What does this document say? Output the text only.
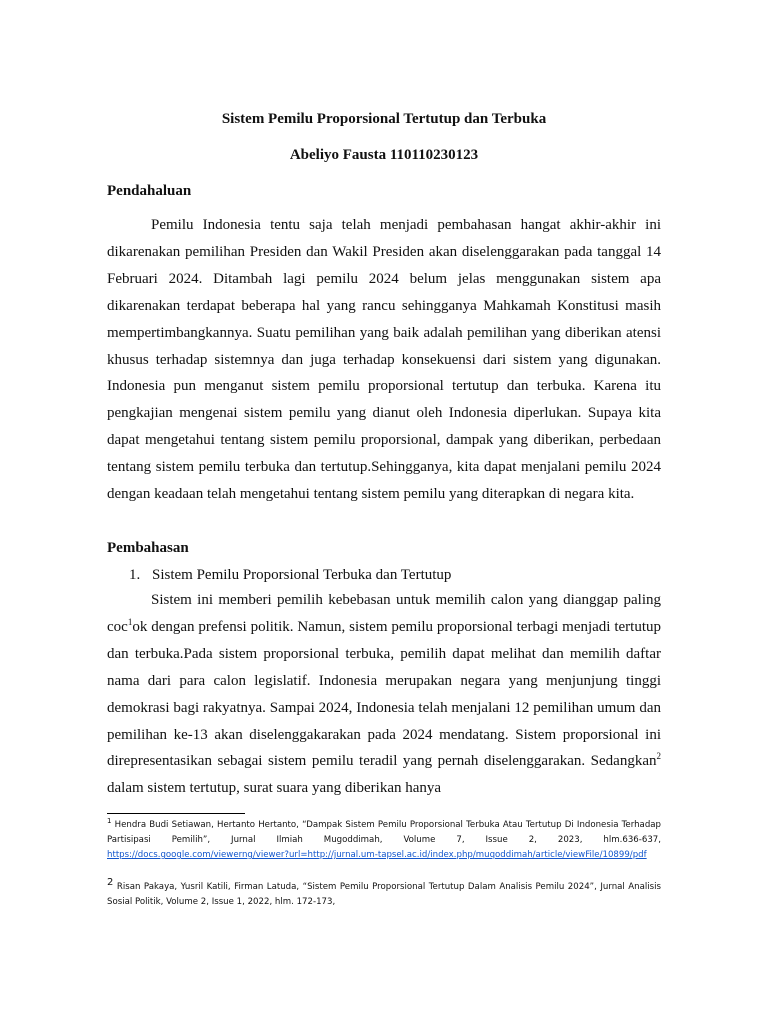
Sistem Pemilu Proporsional Tertutup dan Terbuka
Abeliyo Fausta 110110230123
Pendahaluan

Pemilu Indonesia tentu saja telah menjadi pembahasan hangat akhir-akhir ini dikarenakan pemilihan Presiden dan Wakil Presiden akan diselenggarakan pada tanggal 14 Februari 2024. Ditambah lagi pemilu 2024 belum jelas menggunakan sistem apa dikarenakan terdapat beberapa hal yang rancu sehingganya Mahkamah Konstitusi masih mempertimbangkannya. Suatu pemilihan yang baik adalah pemilihan yang diberikan atensi khusus terhadap sistemnya dan juga terhadap konsekuensi dari sistem yang digunakan. Indonesia pun menganut sistem pemilu proporsional tertutup dan terbuka. Karena itu pengkajian mengenai sistem pemilu yang dianut oleh Indonesia diperlukan. Supaya kita dapat mengetahui tentang sistem pemilu proporsional, dampak yang diberikan, perbedaan tentang sistem pemilu terbuka dan tertutup.Sehingganya, kita dapat menjalani pemilu 2024 dengan keadaan telah mengetahui tentang sistem pemilu yang diterapkan di negara kita.

Pembahasan
1. Sistem Pemilu Proporsional Terbuka dan Tertutup

Sistem ini memberi pemilih kebebasan untuk memilih calon yang dianggap paling coc$^1$ok dengan prefensi politik. Namun, sistem pemilu proporsional terbagi menjadi tertutup dan terbuka.Pada sistem proporsional terbuka, pemilih dapat melihat dan memilih daftar nama dari para calon legislatif. Indonesia merupakan negara yang menjunjung tinggi demokrasi bagi rakyatnya. Sampai 2024, Indonesia telah menjalani 12 pemilihan umum dan pemilihan ke-13 akan diselenggakarakan pada 2024 mendatang. Sistem proporsional ini direpresentasikan sebagai sistem pemilu teradil yang pernah diselenggarakan. Sedangkan$^2$ dalam sistem tertutup, surat suara yang diberikan hanya

$^1$ Hendra Budi Setiawan, Hertanto Hertanto, “Dampak Sistem Pemilu Proporsional Terbuka Atau Tertutup Di Indonesia Terhadap Partisipasi Pemilih”, Jurnal Ilmiah Mugoddimah, Volume 7, Issue 2, 2023, hlm.636-637, https://docs.google.com/viewerng/viewer?url=http://jurnal.um-tapsel.ac.id/index.php/muqoddimah/article/viewFile/10899/pdf

2 Risan Pakaya, Yusril Katili, Firman Latuda, “Sistem Pemilu Proporsional Tertutup Dalam Analisis Pemilu 2024”, Jurnal Analisis Sosial Politik, Volume 2, Issue 1, 2022, hlm. 172-173,
